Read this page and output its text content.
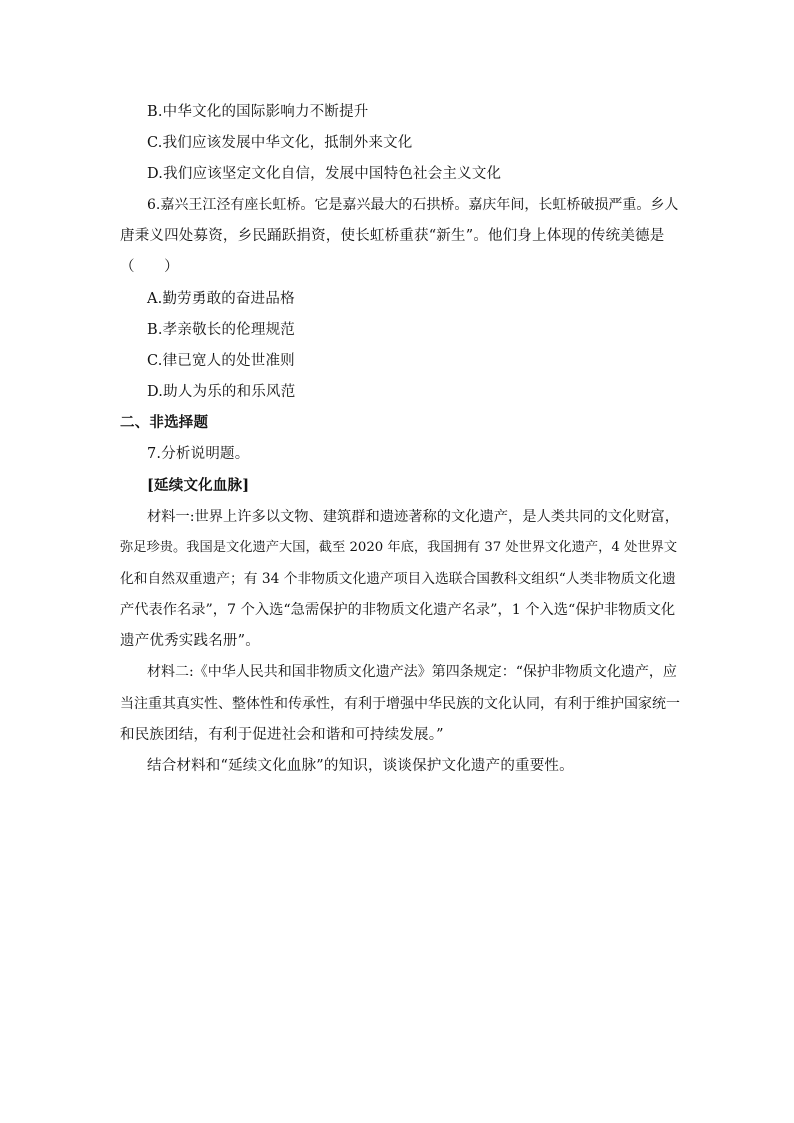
B.中华文化的国际影响力不断提升
C.我们应该发展中华文化，抵制外来文化
D.我们应该坚定文化自信，发展中国特色社会主义文化
6.嘉兴王江泾有座长虹桥。它是嘉兴最大的石拱桥。嘉庆年间，长虹桥破损严重。乡人
唐秉义四处募资，乡民踊跃捐资，使长虹桥重获“新生”。他们身上体现的传统美德是
（　　）
A.勤劳勇敢的奋进品格
B.孝亲敬长的伦理规范
C.律已宽人的处世准则
D.助人为乐的和乐风范
二、非选择题
7.分析说明题。
[延续文化血脉]
材料一:世界上许多以文物、建筑群和遗迹著称的文化遗产，是人类共同的文化财富，
弥足珍贵。我国是文化遗产大国，截至 2020 年底，我国拥有 37 处世界文化遗产，4 处世界文
化和自然双重遗产；有 34 个非物质文化遗产项目入选联合国教科文组织“人类非物质文化遗
产代表作名录”，7 个入选“急需保护的非物质文化遗产名录”，1 个入选“保护非物质文化
遗产优秀实践名册”。
材料二:《中华人民共和国非物质文化遗产法》第四条规定：“保护非物质文化遗产，应
当注重其真实性、整体性和传承性，有利于增强中华民族的文化认同，有利于维护国家统一
和民族团结，有利于促进社会和谐和可持续发展。”
结合材料和“延续文化血脉”的知识，谈谈保护文化遗产的重要性。
